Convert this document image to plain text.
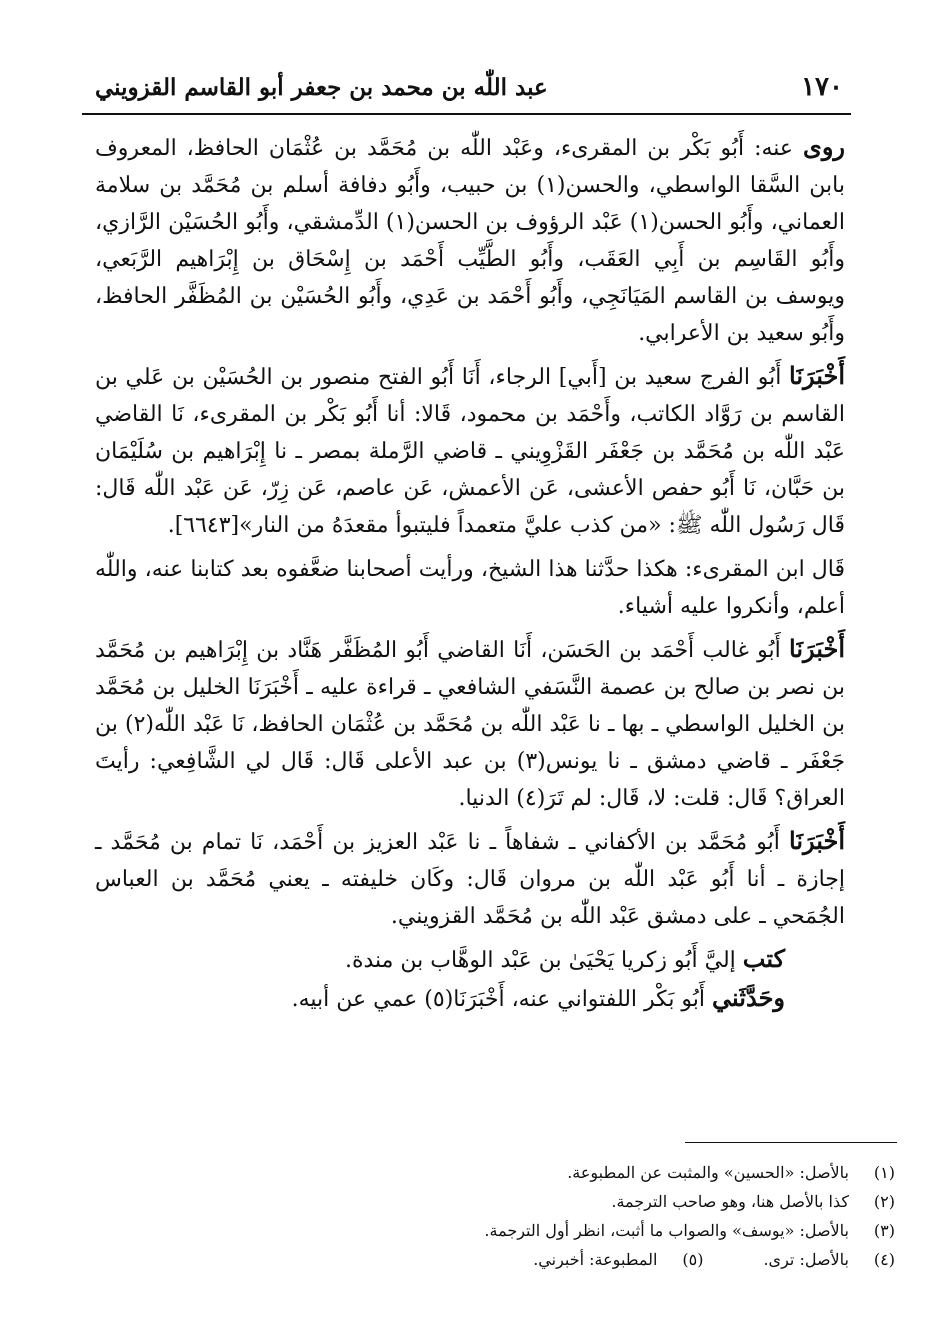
١٧٠
عبد اللّٰه بن محمد بن جعفر أبو القاسم القزويني

روى عنه: أَبُو بَكْر بن المقرىء، وعَبْد اللّٰه بن مُحَمَّد بن عُثْمَان الحافظ، المعروف بابن السَّقا الواسطي، والحسن(١) بن حبيب، وأَبُو دفافة أسلم بن مُحَمَّد بن سلامة العماني، وأَبُو الحسن(١) عَبْد الرؤوف بن الحسن(١) الدِّمشقي، وأَبُو الحُسَيْن الرَّازي، وأَبُو القَاسِم بن أَبِي العَقَب، وأَبُو الطَّيِّب أَحْمَد بن إِسْحَاق بن إِبْرَاهيم الرَّبَعي، ويوسف بن القاسم المَيَانَجِي، وأَبُو أَحْمَد بن عَدِي، وأَبُو الحُسَيْن بن المُظَفَّر الحافظ، وأَبُو سعيد بن الأعرابي.

أَخْبَرَنَا أَبُو الفرج سعيد بن [أَبي] الرجاء، أَنَا أَبُو الفتح منصور بن الحُسَيْن بن عَلي بن القاسم بن رَوَّاد الكاتب، وأَحْمَد بن محمود، قَالا: أنا أَبُو بَكْر بن المقرىء، نَا القاضي عَبْد اللّٰه بن مُحَمَّد بن جَعْفَر القَزْوِيني ـ قاضي الرَّملة بمصر ـ نا إِبْرَاهيم بن سُلَيْمَان بن حَبَّان، نَا أَبُو حفص الأعشى، عَن الأعمش، عَن عاصم، عَن زِرّ، عَن عَبْد اللّٰه قَال: قَال رَسُول اللّٰه ﷺ: «من كذب عليَّ متعمداً فليتبوأ مقعدَهُ من النار»[٦٦٤٣].

قَال ابن المقرىء: هكذا حدَّثنا هذا الشيخ، ورأيت أصحابنا ضعَّفوه بعد كتابنا عنه، واللّٰه أعلم، وأنكروا عليه أشياء.

أَخْبَرَنَا أَبُو غالب أَحْمَد بن الحَسَن، أَنَا القاضي أَبُو المُظَفَّر هَنَّاد بن إِبْرَاهيم بن مُحَمَّد بن نصر بن صالح بن عصمة النَّسَفي الشافعي ـ قراءة عليه ـ أَخْبَرَنَا الخليل بن مُحَمَّد بن الخليل الواسطي ـ بها ـ نا عَبْد اللّٰه بن مُحَمَّد بن عُثْمَان الحافظ، نَا عَبْد اللّٰه(٢) بن جَعْفَر ـ قاضي دمشق ـ نا يونس(٣) بن عبد الأعلى قَال: قَال لي الشَّافِعي: رأيتَ العراق؟ قَال: قلت: لا، قَال: لم تَرَ(٤) الدنيا.

أَخْبَرَنَا أَبُو مُحَمَّد بن الأكفاني ـ شفاهاً ـ نا عَبْد العزيز بن أَحْمَد، نَا تمام بن مُحَمَّد ـ إجازة ـ أنا أَبُو عَبْد اللّٰه بن مروان قَال: وكَان خليفته ـ يعني مُحَمَّد بن العباس الجُمَحي ـ على دمشق عَبْد اللّٰه بن مُحَمَّد القزويني.

كتب إليَّ أَبُو زكريا يَحْيَىٰ بن عَبْد الوهَّاب بن مندة.

وحَدَّثَني أَبُو بَكْر اللفتواني عنه، أَخْبَرَنَا(٥) عمي عن أبيه.

(١)
بالأصل: «الحسين» والمثبت عن المطبوعة.
(٢)
كذا بالأصل هنا، وهو صاحب الترجمة.
(٣)
بالأصل: «يوسف» والصواب ما أثبت، انظر أول الترجمة.
(٤)
بالأصل: ترى.
(٥)
المطبوعة: أخبرني.
